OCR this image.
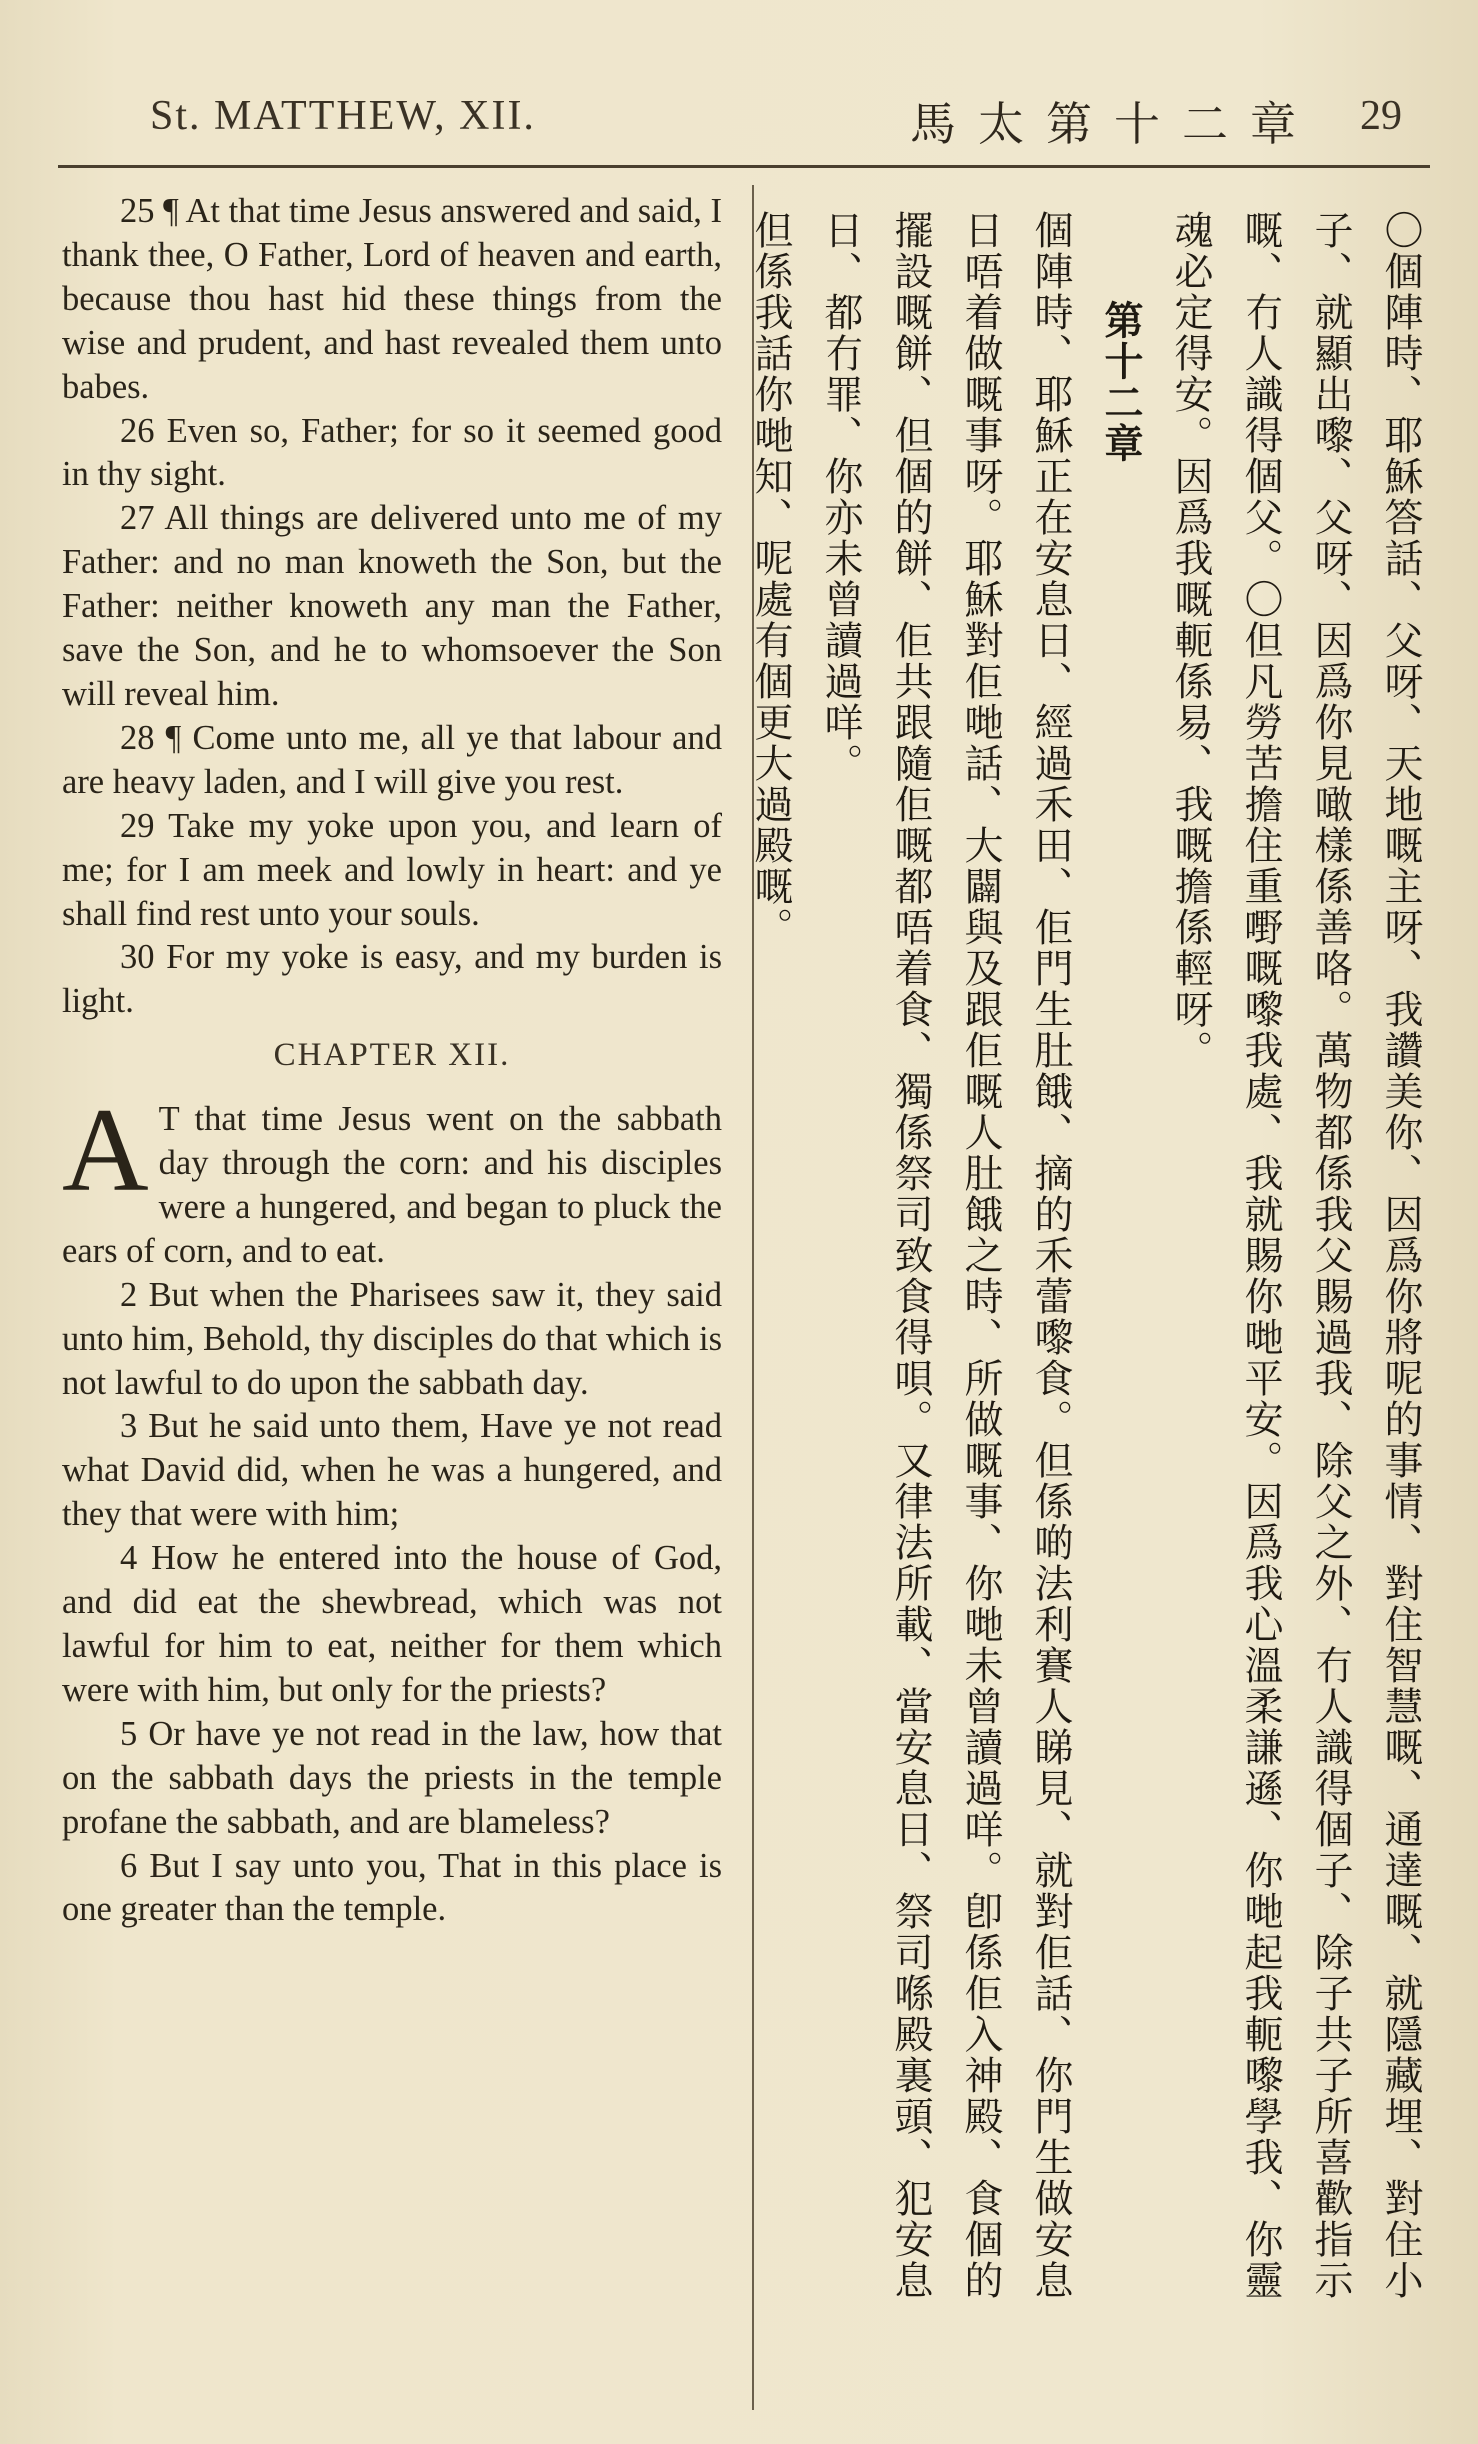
St. MATTHEW, XII.	馬太第十二章 29

25 ¶ At that time Jesus answered and said, I thank thee, O Father, Lord of heaven and earth, because thou hast hid these things from the wise and prudent, and hast revealed them unto babes.

26 Even so, Father; for so it seemed good in thy sight.

27 All things are delivered unto me of my Father: and no man knoweth the Son, but the Father: neither knoweth any man the Father, save the Son, and he to whomsoever the Son will reveal him.

28 ¶ Come unto me, all ye that labour and are heavy laden, and I will give you rest.

29 Take my yoke upon you, and learn of me; for I am meek and lowly in heart: and ye shall find rest unto your souls.

30 For my yoke is easy, and my burden is light.

CHAPTER XII.

A T that time Jesus went on the sabbath day through the corn: and his disciples were a hungered, and began to pluck the ears of corn, and to eat.

2 But when the Pharisees saw it, they said unto him, Behold, thy disciples do that which is not lawful to do upon the sabbath day.

3 But he said unto them, Have ye not read what David did, when he was a hungered, and they that were with him;

4 How he entered into the house of God, and did eat the shewbread, which was not lawful for him to eat, neither for them which were with him, but only for the priests?

5 Or have ye not read in the law, how that on the sabbath days the priests in the temple profane the sabbath, and are blameless?

6 But I say unto you, That in this place is one greater than the temple.	〇個陣時、耶穌答話、父呀、天地嘅主呀、我讚美你、因爲你將呢的事情、對住智慧嘅、通達嘅、就隱藏埋、對住小子、就顯出嚟、父呀、因爲你見噉樣係善咯。萬物都係我父賜過我、除父之外、冇人識得個子、除子共子所喜歡指示嘅、冇人識得個父。〇但凡勞苦擔住重嘢嘅嚟我處、我就賜你哋平安。因爲我心溫柔謙遜、你哋起我軛嚟學我、你靈魂必定得安。因爲我嘅軛係易、我嘅擔係輕呀。

第十二章

個陣時、耶穌正在安息日、經過禾田、佢門生肚餓、摘的禾蕾嚟食。但係啲法利賽人睇見、就對佢話、你門生做安息日唔着做嘅事呀。耶穌對佢哋話、大闢與及跟佢嘅人肚餓之時、所做嘅事、你哋未曾讀過咩。卽係佢入神殿、食個的擺設嘅餅、但個的餅、佢共跟隨佢嘅都唔着食、獨係祭司致食得唄。又律法所載、當安息日、祭司喺殿裏頭、犯安息日、都冇罪、你亦未曾讀過咩。

但係我話你哋知、呢處有個更大過殿嘅。
